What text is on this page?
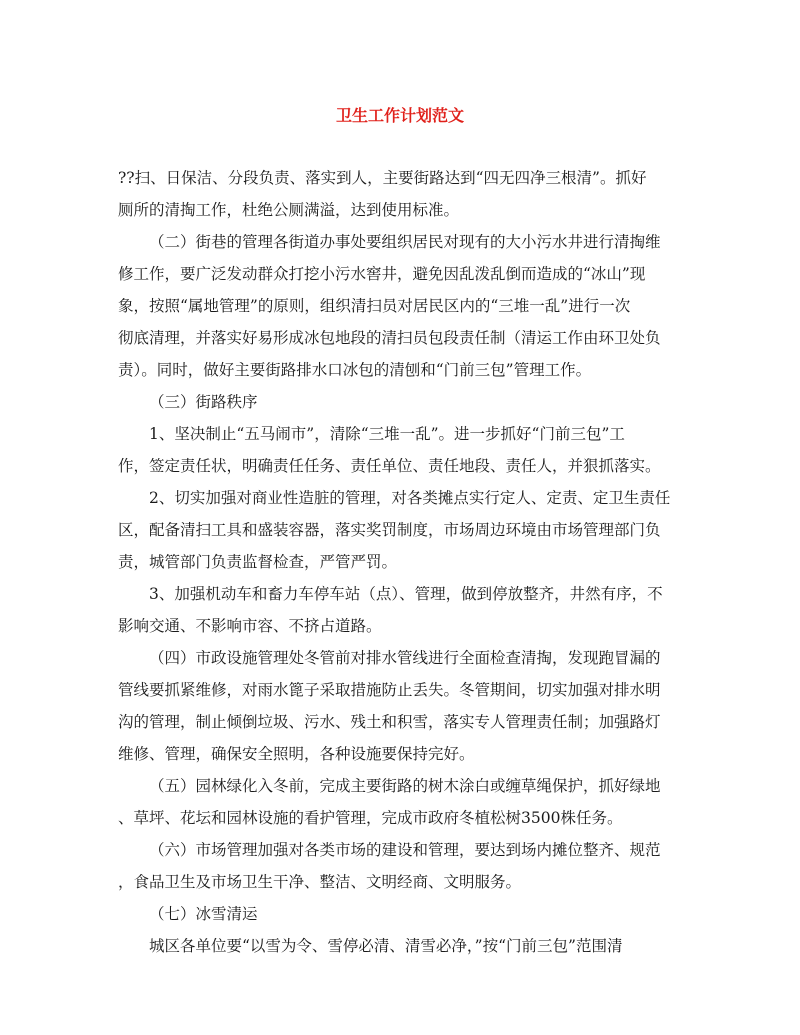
卫生工作计划范文

??扫、日保洁、分段负责、落实到人，主要街路达到“四无四净三根清”。抓好

厕所的清掏工作，杜绝公厕满溢，达到使用标准。

（二）街巷的管理各街道办事处要组织居民对现有的大小污水井进行清掏维

修工作，要广泛发动群众打挖小污水窖井，避免因乱泼乱倒而造成的“冰山”现

象，按照“属地管理”的原则，组织清扫员对居民区内的“三堆一乱”进行一次

彻底清理，并落实好易形成冰包地段的清扫员包段责任制（清运工作由环卫处负

责）。同时，做好主要街路排水口冰包的清刨和“门前三包”管理工作。

（三）街路秩序

1、坚决制止“五马闹市”，清除“三堆一乱”。进一步抓好“门前三包”工

作，签定责任状，明确责任任务、责任单位、责任地段、责任人，并狠抓落实。

2、切实加强对商业性造脏的管理，对各类摊点实行定人、定责、定卫生责任

区，配备清扫工具和盛装容器，落实奖罚制度，市场周边环境由市场管理部门负

责，城管部门负责监督检查，严管严罚。

3、加强机动车和畜力车停车站（点）、管理，做到停放整齐，井然有序，不

影响交通、不影响市容、不挤占道路。

（四）市政设施管理处冬管前对排水管线进行全面检查清掏，发现跑冒漏的

管线要抓紧维修，对雨水篦子采取措施防止丢失。冬管期间，切实加强对排水明

沟的管理，制止倾倒垃圾、污水、残土和积雪，落实专人管理责任制；加强路灯

维修、管理，确保安全照明，各种设施要保持完好。

（五）园林绿化入冬前，完成主要街路的树木涂白或缠草绳保护，抓好绿地

、草坪、花坛和园林设施的看护管理，完成市政府冬植松树3500株任务。

（六）市场管理加强对各类市场的建设和管理，要达到场内摊位整齐、规范

，食品卫生及市场卫生干净、整洁、文明经商、文明服务。

（七）冰雪清运

城区各单位要“以雪为令、雪停必清、清雪必净，”按“门前三包”范围清
